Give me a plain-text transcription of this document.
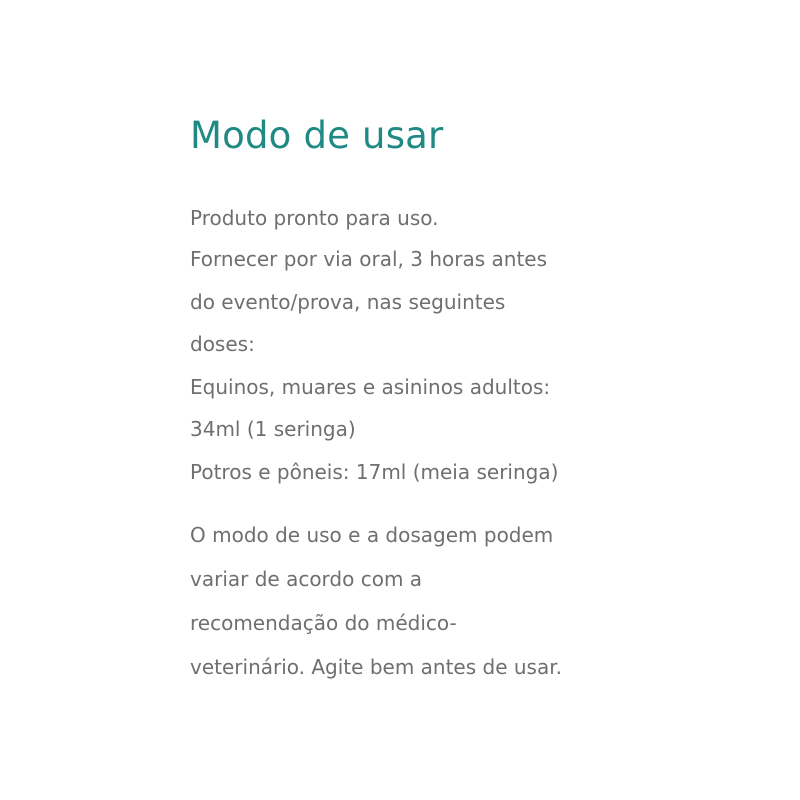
Modo de usar

Produto pronto para uso.
Fornecer por via oral, 3 horas antes
do evento/prova, nas seguintes
doses:
Equinos, muares e asininos adultos:
34ml (1 seringa)
Potros e pôneis: 17ml (meia seringa)

O modo de uso e a dosagem podem
variar de acordo com a
recomendação do médico-
veterinário. Agite bem antes de usar.
